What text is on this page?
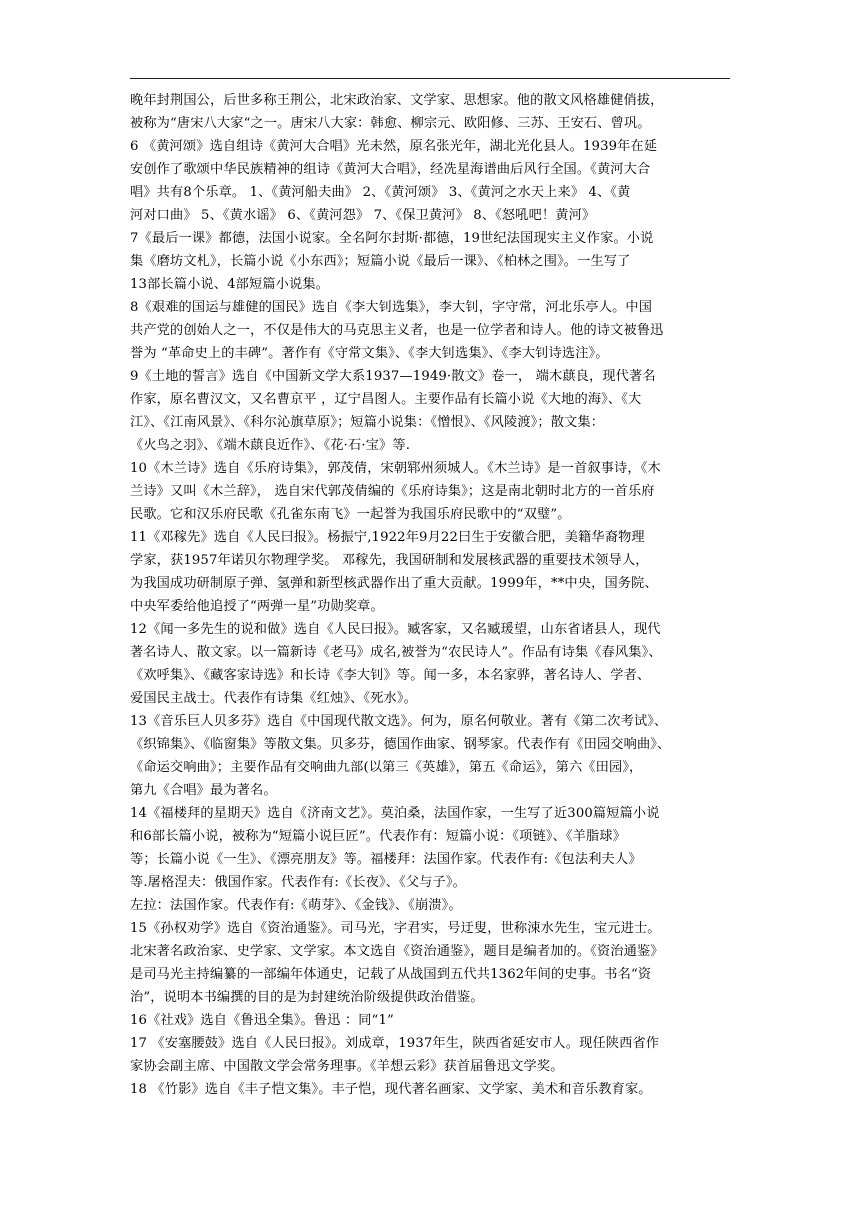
晚年封荆国公，后世多称王荆公，北宋政治家、文学家、思想家。他的散文风格雄健俏拔，

被称为“唐宋八大家“之一。唐宋八大家：韩愈、柳宗元、欧阳修、三苏、王安石、曾巩。

6 《黄河颂》选自组诗《黄河大合唱》光未然，原名张光年，湖北光化县人。1939年在延

安创作了歌颂中华民族精神的组诗《黄河大合唱》，经冼星海谱曲后风行全国。《黄河大合

唱》共有8个乐章。 1、《黄河船夫曲》 2、《黄河颂》 3、《黄河之水天上来》 4、《黄

河对口曲》 5、《黄水谣》 6、《黄河怨》 7、《保卫黄河》 8、《怒吼吧！黄河》

7《最后一课》都德，法国小说家。全名阿尔封斯·都德，19世纪法国现实主义作家。小说

集《磨坊文札》，长篇小说《小东西》；短篇小说《最后一课》、《柏林之围》。一生写了

13部长篇小说、4部短篇小说集。

8《艰难的国运与雄健的国民》选自《李大钊选集》，李大钊，字守常，河北乐亭人。中国

共产党的创始人之一，不仅是伟大的马克思主义者，也是一位学者和诗人。他的诗文被鲁迅

誉为 “革命史上的丰碑”。著作有《守常文集》、《李大钊选集》、《李大钊诗选注》。

9《土地的誓言》选自《中国新文学大系1937—1949·散文》卷一， 端木蕻良，现代著名

作家，原名曹汉文，又名曹京平 ，辽宁昌图人。主要作品有长篇小说《大地的海》、《大

江》、《江南风景》、《科尔沁旗草原》；短篇小说集：《憎恨》、《风陵渡》；散文集：

《火鸟之羽》、《端木蕻良近作》、《花·石·宝》等.

10《木兰诗》选自《乐府诗集》，郭茂倩，宋朝郓州须城人。《木兰诗》是一首叙事诗，《木

兰诗》又叫《木兰辞》， 选自宋代郭茂倩编的《乐府诗集》；这是南北朝时北方的一首乐府

民歌。它和汉乐府民歌《孔雀东南飞》一起誉为我国乐府民歌中的“双璧”。

11《邓稼先》选自《人民曰报》。杨振宁,1922年9月22曰生于安徽合肥，美籍华裔物理

学家，获1957年诺贝尔物理学奖。 邓稼先，我国研制和发展核武器的重要技术领导人，

为我国成功研制原子弹、氢弹和新型核武器作出了重大贡献。1999年，**中央，国务院、

中央军委给他追授了“两弹一星”功勋奖章。

12《闻一多先生的说和做》选自《人民曰报》。臧客家，又名臧瑗望，山东省诸县人，现代

著名诗人、散文家。以一篇新诗《老马》成名,被誉为“农民诗人”。作品有诗集《春风集》、

《欢呼集》、《藏客家诗选》和长诗《李大钊》等。闻一多，本名家骅，著名诗人、学者、

爱国民主战士。代表作有诗集《红烛》、《死水》。

13《音乐巨人贝多芬》选自《中国现代散文选》。何为，原名何敬业。著有《第二次考试》、

《织锦集》、《临窗集》等散文集。贝多芬，德国作曲家、钢琴家。代表作有《田园交响曲》、

《命运交响曲》；主要作品有交响曲九部(以第三《英雄》，第五《命运》，第六《田园》，

第九《合唱》最为著名。

14《福楼拜的星期天》选自《济南文艺》。莫泊桑，法国作家，一生写了近300篇短篇小说

和6部长篇小说，被称为“短篇小说巨匠”。代表作有：短篇小说：《项链》、《羊脂球》

等；长篇小说《一生》、《漂亮朋友》等。福楼拜：法国作家。代表作有:《包法利夫人》

等.屠格涅夫：俄国作家。代表作有:《长夜》、《父与子》。

左拉：法国作家。代表作有:《萌芽》、《金钱》、《崩溃》。

15《孙权劝学》选自《资治通鉴》。司马光，字君实，号迂叟，世称涑水先生，宝元进士。

北宋著名政治家、史学家、文学家。本文选自《资治通鉴》，题目是编者加的。《资治通鉴》

是司马光主持编纂的一部编年体通史，记载了从战国到五代共1362年间的史事。书名“资

治”，说明本书编撰的目的是为封建统治阶级提供政治借鉴。

16《社戏》选自《鲁迅全集》。鲁迅 ：同“1”

17 《安塞腰鼓》选自《人民曰报》。刘成章，1937年生，陕西省延安市人。现任陕西省作

家协会副主席、中国散文学会常务理事。《羊想云彩》获首届鲁迅文学奖。

18 《竹影》选自《丰子恺文集》。丰子恺，现代著名画家、文学家、美术和音乐教育家。
